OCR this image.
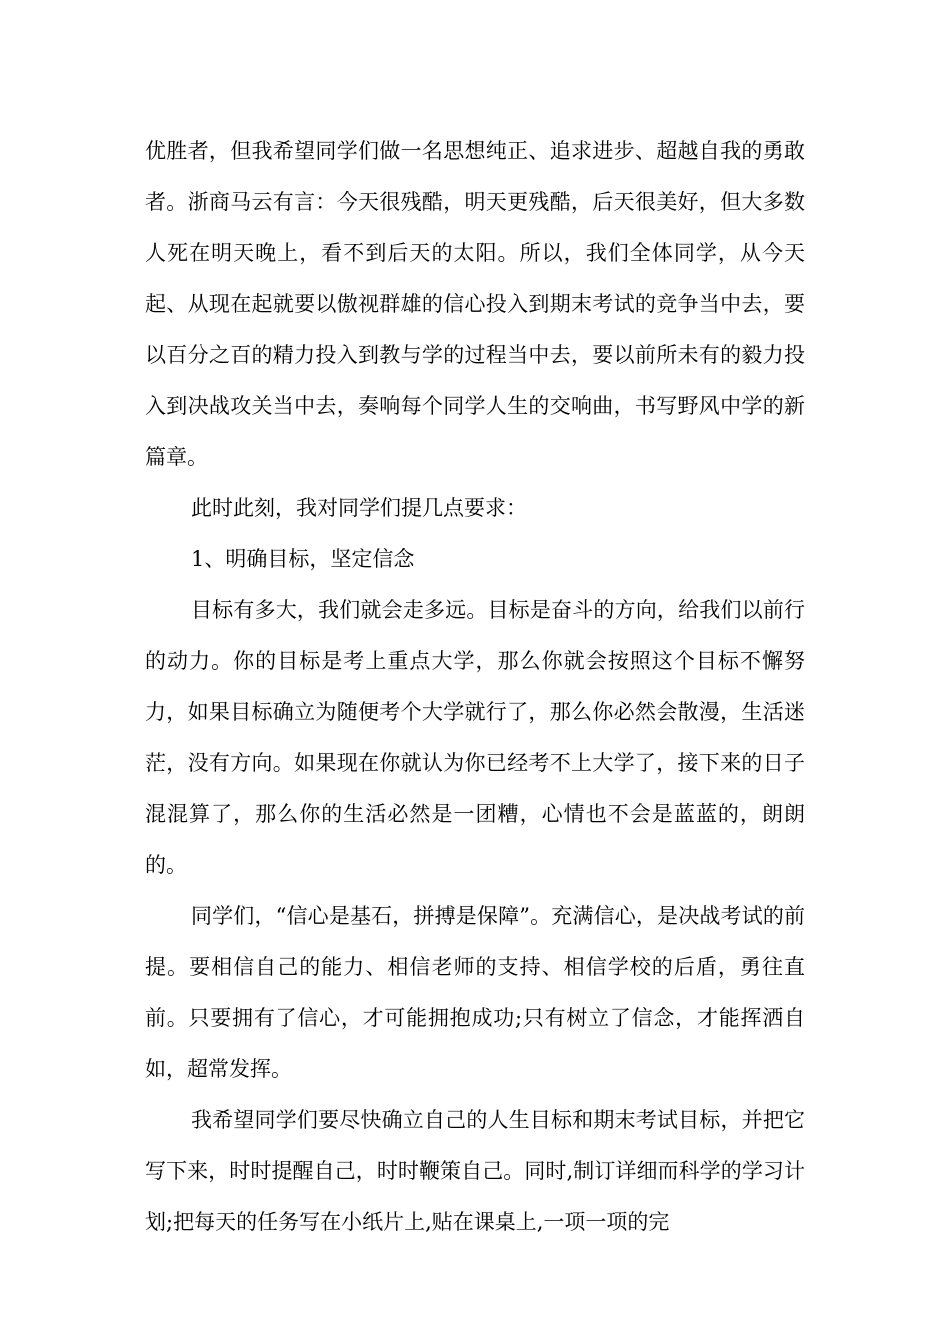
优胜者，但我希望同学们做一名思想纯正、追求进步、超越自我的勇敢者。浙商马云有言：今天很残酷，明天更残酷，后天很美好，但大多数人死在明天晚上，看不到后天的太阳。所以，我们全体同学，从今天起、从现在起就要以傲视群雄的信心投入到期末考试的竞争当中去，要以百分之百的精力投入到教与学的过程当中去，要以前所未有的毅力投入到决战攻关当中去，奏响每个同学人生的交响曲，书写野风中学的新篇章。

此时此刻，我对同学们提几点要求：

1、明确目标，坚定信念

目标有多大，我们就会走多远。目标是奋斗的方向，给我们以前行的动力。你的目标是考上重点大学，那么你就会按照这个目标不懈努力，如果目标确立为随便考个大学就行了，那么你必然会散漫，生活迷茫，没有方向。如果现在你就认为你已经考不上大学了，接下来的日子混混算了，那么你的生活必然是一团糟，心情也不会是蓝蓝的，朗朗的。

同学们，“信心是基石，拼搏是保障”。充满信心，是决战考试的前提。要相信自己的能力、相信老师的支持、相信学校的后盾，勇往直前。只要拥有了信心，才可能拥抱成功;只有树立了信念，才能挥洒自如，超常发挥。

我希望同学们要尽快确立自己的人生目标和期末考试目标，并把它写下来，时时提醒自己，时时鞭策自己。同时,制订详细而科学的学习计划;把每天的任务写在小纸片上,贴在课桌上,一项一项的完
